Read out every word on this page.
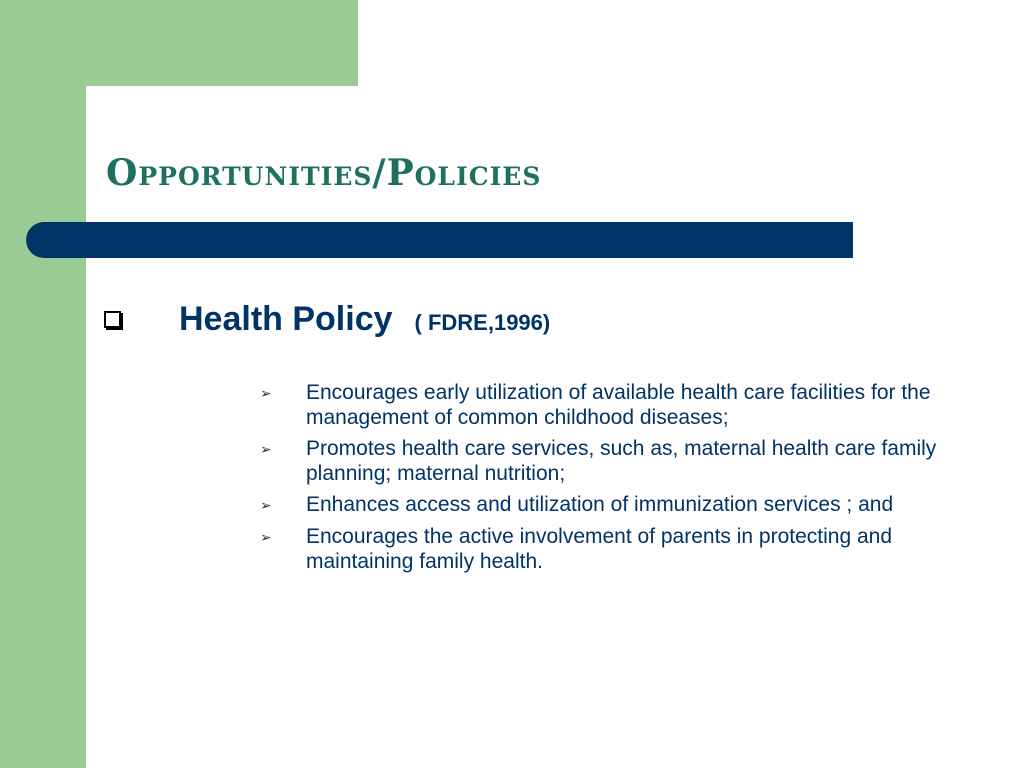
Opportunities/Policies
Health Policy ( FDRE,1996)
➢	Encourages early utilization of available health care facilities for the management of common childhood diseases;
➢	Promotes health care services, such as, maternal health care family planning; maternal nutrition;
➢	Enhances access and utilization of immunization services ; and
➢	Encourages the active involvement of parents in protecting and maintaining family health.
